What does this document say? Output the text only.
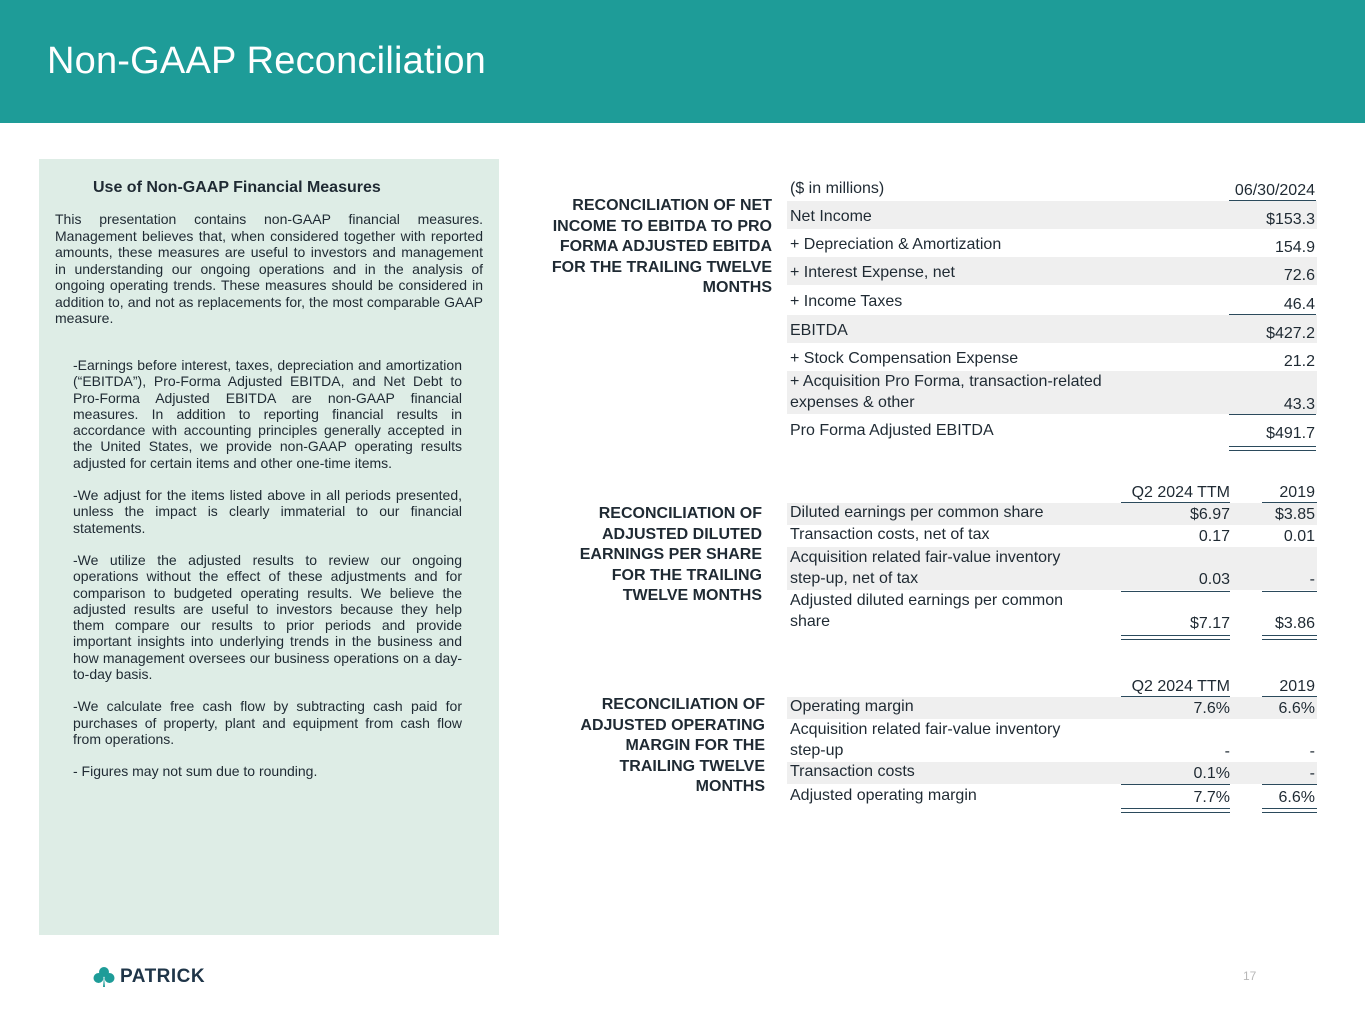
Non-GAAP Reconciliation
Use of Non-GAAP Financial Measures

This presentation contains non-GAAP financial measures. Management believes that, when considered together with reported amounts, these measures are useful to investors and management in understanding our ongoing operations and in the analysis of ongoing operating trends. These measures should be considered in addition to, and not as replacements for, the most comparable GAAP measure.

-Earnings before interest, taxes, depreciation and amortization (“EBITDA”), Pro-Forma Adjusted EBITDA, and Net Debt to Pro-Forma Adjusted EBITDA are non-GAAP financial measures. In addition to reporting financial results in accordance with accounting principles generally accepted in the United States, we provide non-GAAP operating results adjusted for certain items and other one-time items.

-We adjust for the items listed above in all periods presented, unless the impact is clearly immaterial to our financial statements.

-We utilize the adjusted results to review our ongoing operations without the effect of these adjustments and for comparison to budgeted operating results. We believe the adjusted results are useful to investors because they help them compare our results to prior periods and provide important insights into underlying trends in the business and how management oversees our business operations on a day-to-day basis.

-We calculate free cash flow by subtracting cash paid for purchases of property, plant and equipment from cash flow from operations.

- Figures may not sum due to rounding.

RECONCILIATION OF NET INCOME TO EBITDA TO PRO FORMA ADJUSTED EBITDA FOR THE TRAILING TWELVE MONTHS
($ in millions)	06/30/2024
Net Income	$153.3
+ Depreciation & Amortization	154.9
+ Interest Expense, net	72.6
+ Income Taxes	46.4
EBITDA	$427.2
+ Stock Compensation Expense	21.2
+ Acquisition Pro Forma, transaction-related expenses & other	43.3
Pro Forma Adjusted EBITDA	$491.7
RECONCILIATION OF ADJUSTED DILUTED EARNINGS PER SHARE FOR THE TRAILING TWELVE MONTHS
Q2 2024 TTM	2019
Diluted earnings per common share	$6.97	$3.85
Transaction costs, net of tax	0.17	0.01
Acquisition related fair-value inventory step-up, net of tax	0.03	-
Adjusted diluted earnings per common share	$7.17	$3.86
RECONCILIATION OF ADJUSTED OPERATING MARGIN FOR THE TRAILING TWELVE MONTHS
Q2 2024 TTM	2019
Operating margin	7.6%	6.6%
Acquisition related fair-value inventory step-up	-	-
Transaction costs	0.1%	-
Adjusted operating margin	7.7%	6.6%
PATRICK	17
